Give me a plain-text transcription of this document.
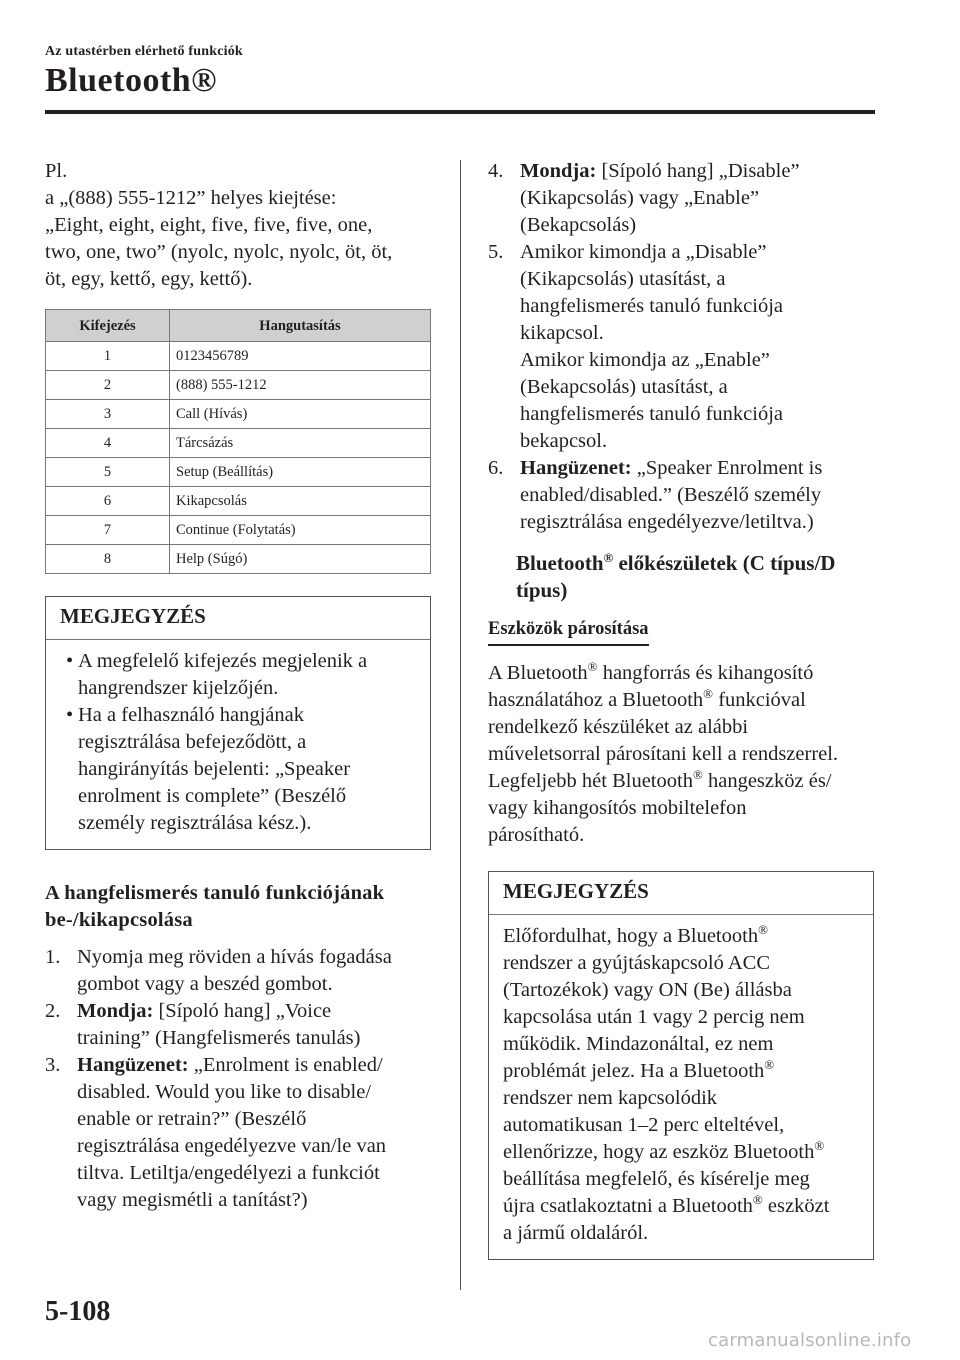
Az utastérben elérhető funkciók
Bluetooth®

Pl.

a „(888) 555-1212” helyes kiejtése:

„Eight, eight, eight, five, five, five, one,

two, one, two” (nyolc, nyolc, nyolc, öt, öt,

öt, egy, kettő, egy, kettő).

Kifejezés	Hangutasítás
1	0123456789
2	(888) 555-1212
3	Call (Hívás)
4	Tárcsázás
5	Setup (Beállítás)
6	Kikapcsolás
7	Continue (Folytatás)
8	Help (Súgó)
MEGJEGYZÉS
• A megfelelő kifejezés megjelenik a
hangrendszer kijelzőjén.
• Ha a felhasználó hangjának
regisztrálása befejeződött, a
hangirányítás bejelenti: „Speaker
enrolment is complete” (Beszélő
személy regisztrálása kész.).
A hangfelismerés tanuló funkciójának
be-/kikapcsolása
1. Nyomja meg röviden a hívás fogadása
gombot vagy a beszéd gombot.
2. Mondja: [Sípoló hang] „Voice
training” (Hangfelismerés tanulás)
3. Hangüzenet: „Enrolment is enabled/
disabled. Would you like to disable/
enable or retrain?” (Beszélő
regisztrálása engedélyezve van/le van
tiltva. Letiltja/engedélyezi a funkciót
vagy megismétli a tanítást?)
4. Mondja: [Sípoló hang] „Disable”
(Kikapcsolás) vagy „Enable”
(Bekapcsolás)
5. Amikor kimondja a „Disable”
(Kikapcsolás) utasítást, a
hangfelismerés tanuló funkciója
kikapcsol.
Amikor kimondja az „Enable”
(Bekapcsolás) utasítást, a
hangfelismerés tanuló funkciója
bekapcsol.
6. Hangüzenet: „Speaker Enrolment is
enabled/disabled.” (Beszélő személy
regisztrálása engedélyezve/letiltva.)
Bluetooth® előkészületek (C típus/D
típus)
Eszközök párosítása
A Bluetooth® hangforrás és kihangosító
használatához a Bluetooth® funkcióval
rendelkező készüléket az alábbi
műveletsorral párosítani kell a rendszerrel.
Legfeljebb hét Bluetooth® hangeszköz és/
vagy kihangosítós mobiltelefon
párosítható.
MEGJEGYZÉS
Előfordulhat, hogy a Bluetooth®
rendszer a gyújtáskapcsoló ACC
(Tartozékok) vagy ON (Be) állásba
kapcsolása után 1 vagy 2 percig nem
működik. Mindazonáltal, ez nem
problémát jelez. Ha a Bluetooth®
rendszer nem kapcsolódik
automatikusan 1–2 perc elteltével,
ellenőrizze, hogy az eszköz Bluetooth®
beállítása megfelelő, és kísérelje meg
újra csatlakoztatni a Bluetooth® eszközt
a jármű oldaláról.
5-108
carmanualsonline.info
